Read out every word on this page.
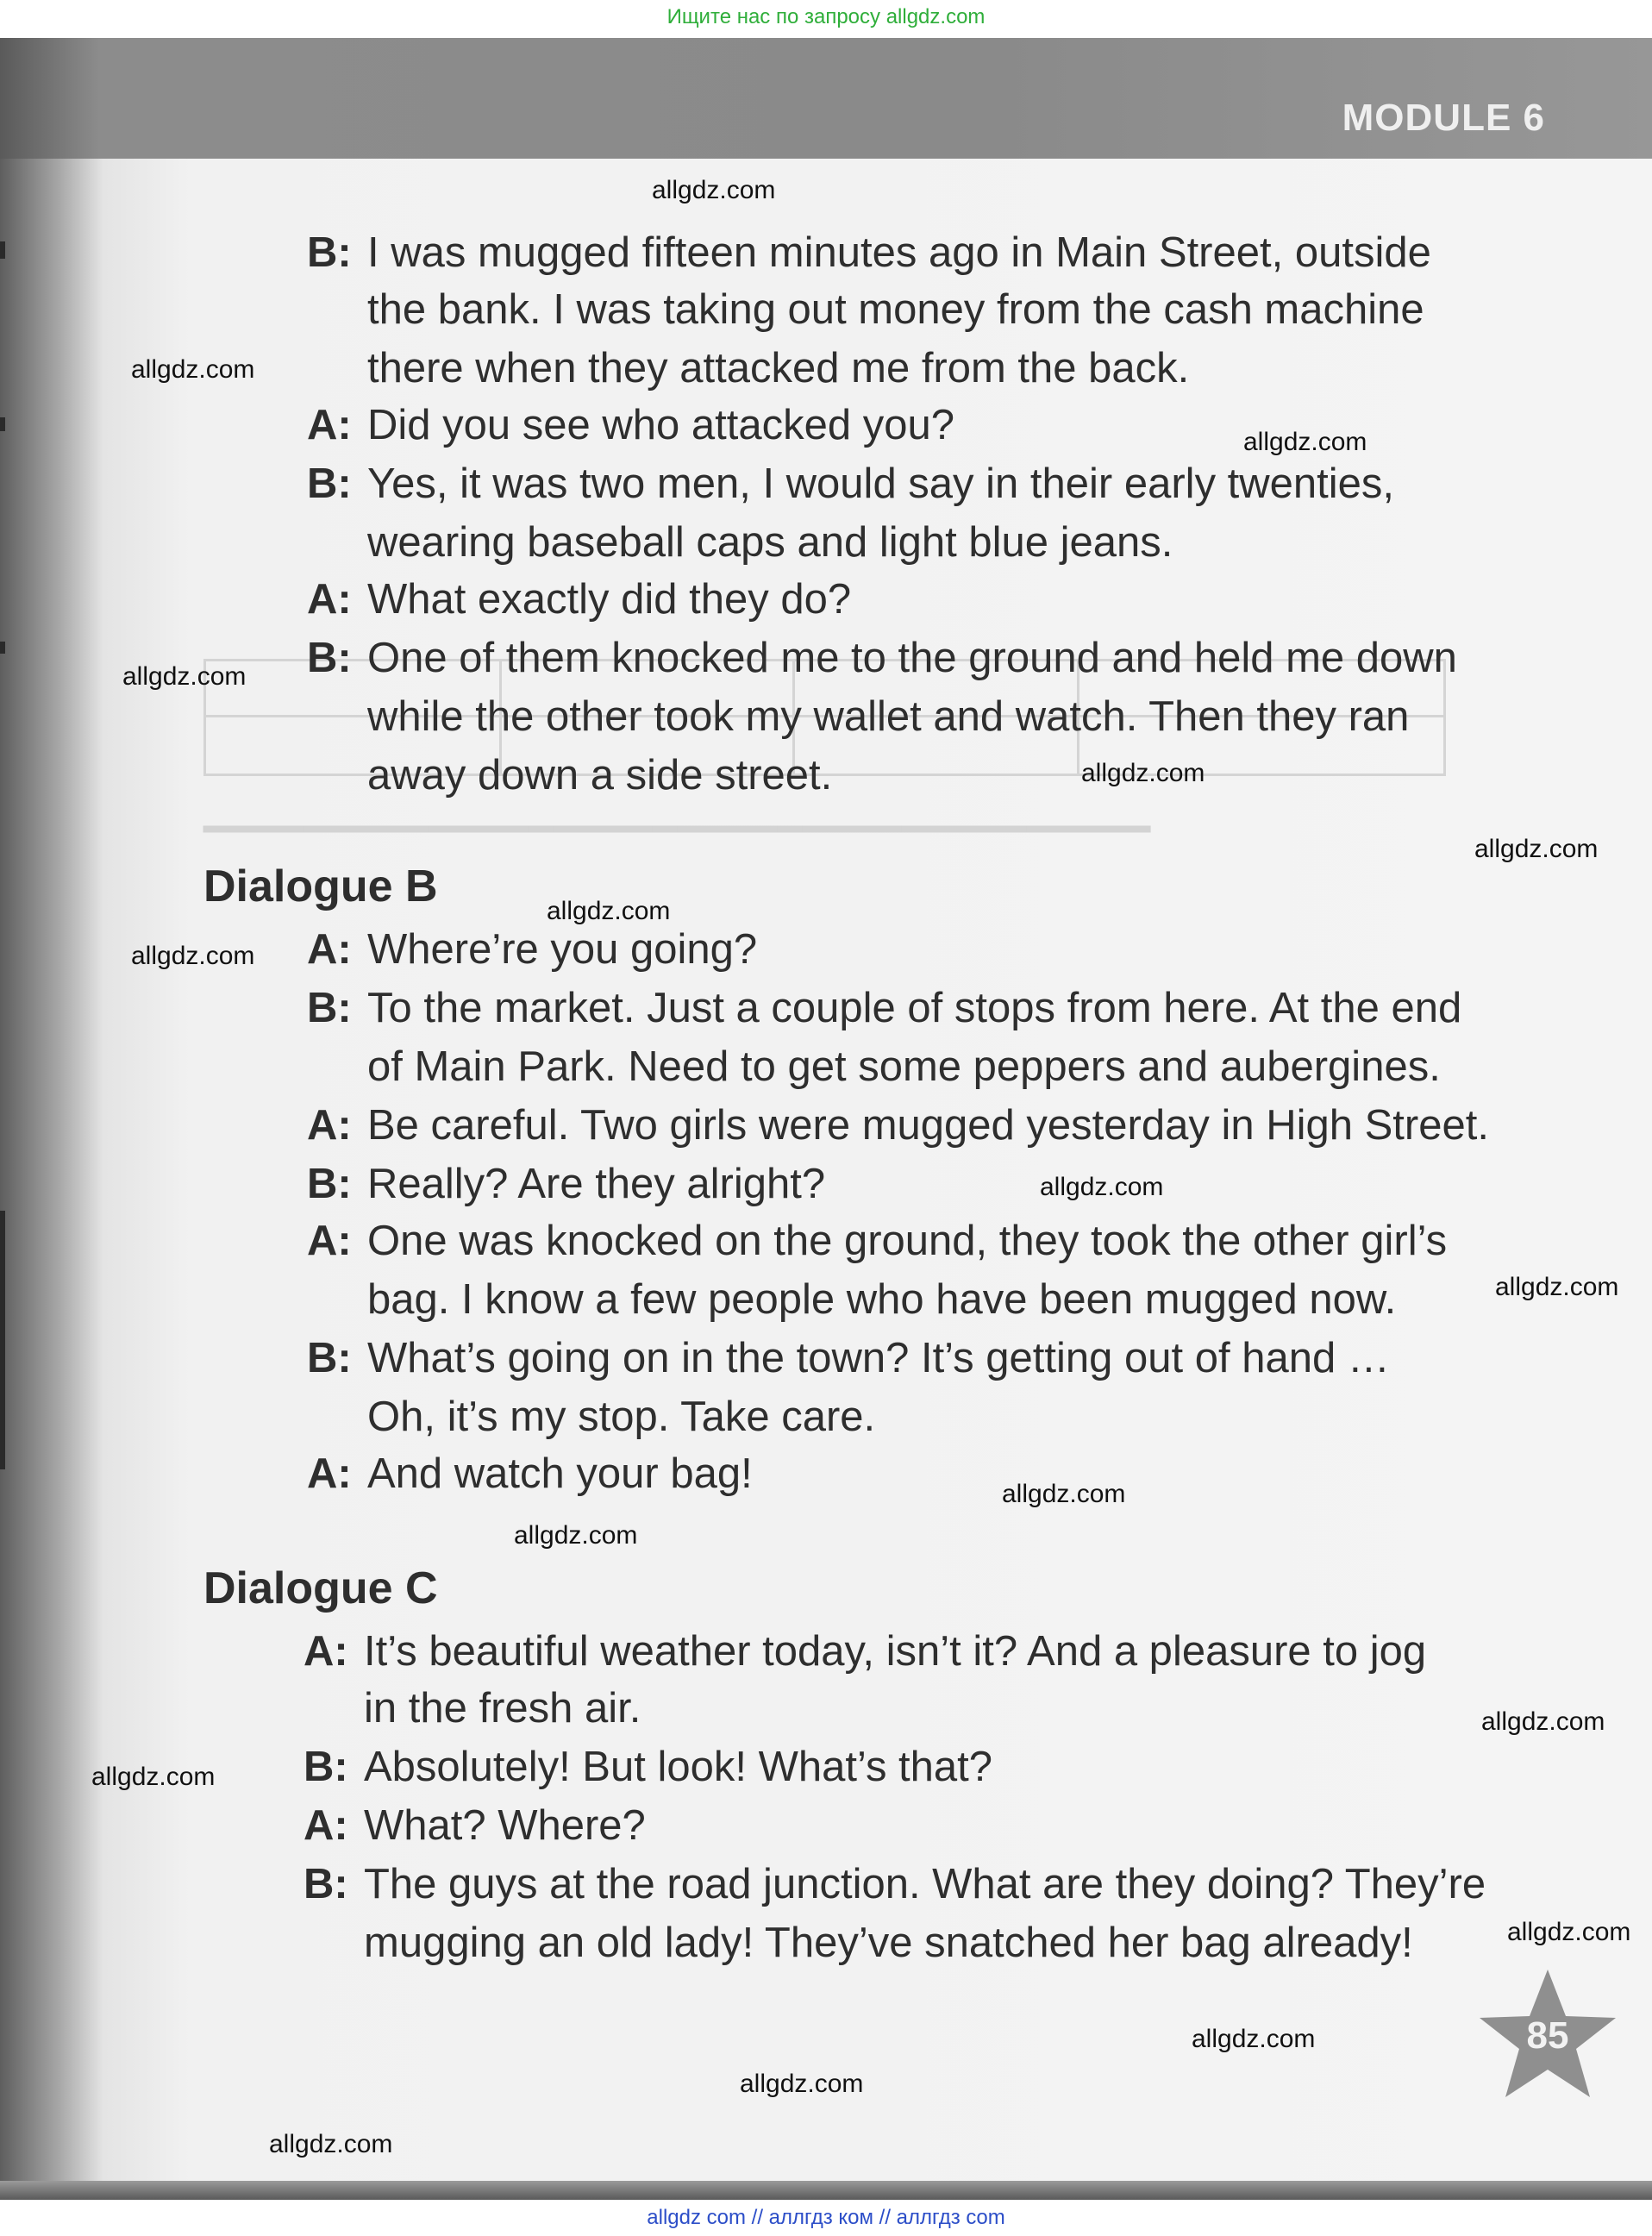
Ищите нас по запросу allgdz.com
MODULE 6
━━━━━━━━━━━━━━━━━━━━━━━━━━━━━━━━━━━━━━
B: I was mugged fifteen minutes ago in Main Street, outside
the bank. I was taking out money from the cash machine
there when they attacked me from the back.
A: Did you see who attacked you?
B: Yes, it was two men, I would say in their early twenties,
wearing baseball caps and light blue jeans.
A: What exactly did they do?
B: One of them knocked me to the ground and held me down
while the other took my wallet and watch. Then they ran
away down a side street.
Dialogue B
A: Where’re you going?
B: To the market. Just a couple of stops from here. At the end
of Main Park. Need to get some peppers and aubergines.
A: Be careful. Two girls were mugged yesterday in High Street.
B: Really? Are they alright?
A: One was knocked on the ground, they took the other girl’s
bag. I know a few people who have been mugged now.
B: What’s going on in the town? It’s getting out of hand …
Oh, it’s my stop. Take care.
A: And watch your bag!
Dialogue C
A: It’s beautiful weather today, isn’t it? And a pleasure to jog
in the fresh air.
B: Absolutely! But look! What’s that?
A: What? Where?
B: The guys at the road junction. What are they doing? They’re
mugging an old lady! They’ve snatched her bag already!
allgdz.com
allgdz.com
allgdz.com
allgdz.com
allgdz.com
allgdz.com
allgdz.com
allgdz.com
allgdz.com
allgdz.com
allgdz.com
allgdz.com
allgdz.com
allgdz.com
allgdz.com
allgdz.com
allgdz.com
allgdz.com
85
allgdz com // аллгдз ком // аллгдз com
